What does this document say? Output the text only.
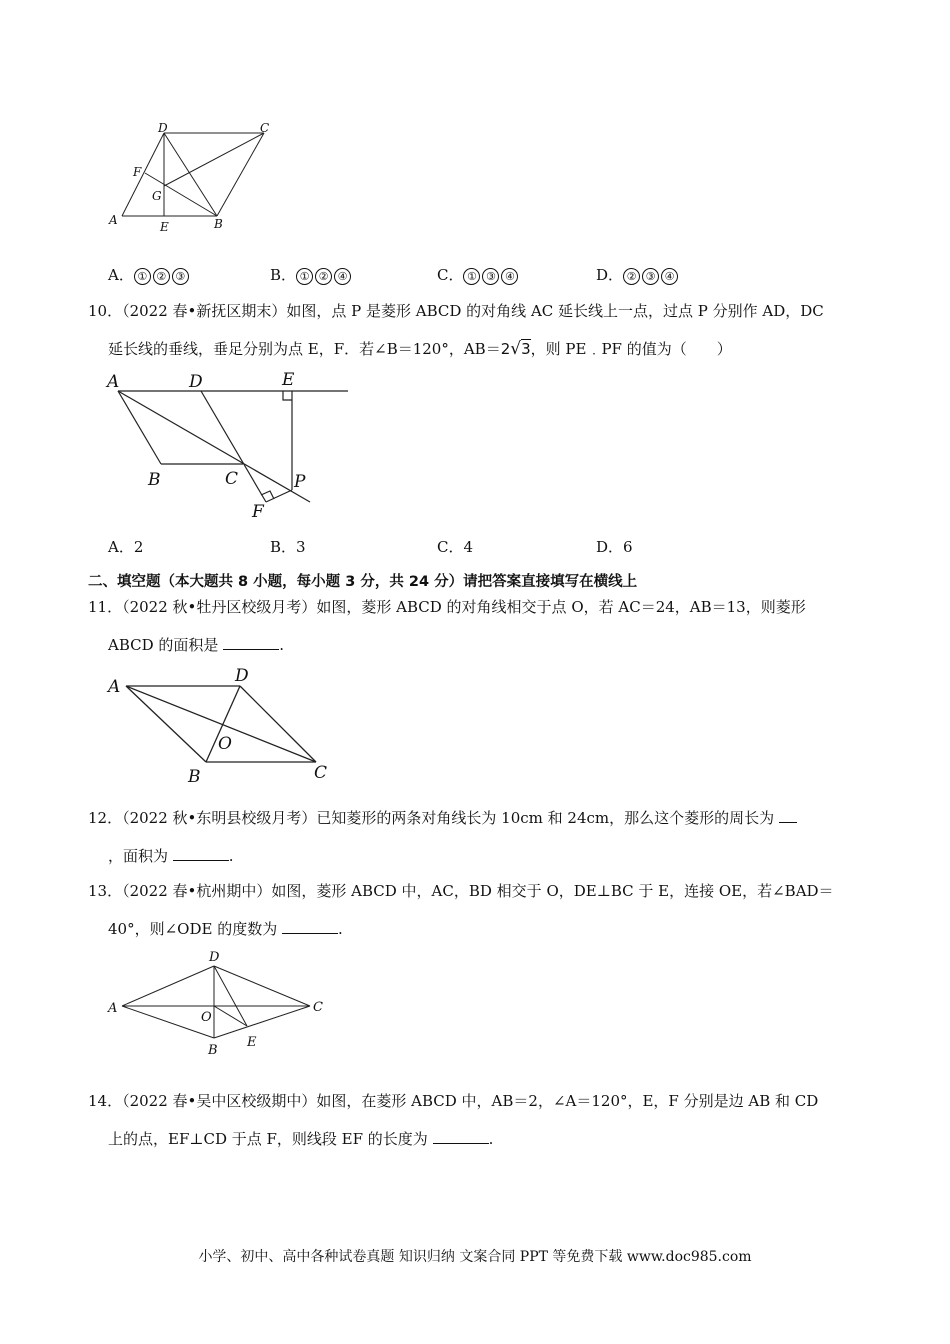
D	C
F
G
A	E	B
A． ① ② ③	B． ① ② ④	C． ① ③ ④	D． ② ③ ④
10．（2022 春•新抚区期末）如图，点 P 是菱形 ABCD 的对角线 AC 延长线上一点，过点 P 分别作 AD，DC
延长线的垂线，垂足分别为点 E，F．若∠B＝120°，AB＝2√3，则 PE﹒PF 的值为（　　）
A	D	E
B	C	P
F
A．2	B．3	C．4	D．6
二、填空题（本大题共 8 小题，每小题 3 分，共 24 分）请把答案直接填写在横线上
11．（2022 秋•牡丹区校级月考）如图，菱形 ABCD 的对角线相交于点 O，若 AC＝24，AB＝13，则菱形
ABCD 的面积是	.
A
D
O
B	C
12．（2022 秋•东明县校级月考）已知菱形的两条对角线长为 10cm 和 24cm，那么这个菱形的周长为
，面积为	.
13．（2022 春•杭州期中）如图，菱形 ABCD 中，AC，BD 相交于 O，DE⊥BC 于 E，连接 OE，若∠BAD＝
40°，则∠ODE 的度数为	.
D
A
O
C
B
E
14．（2022 春•吴中区校级期中）如图，在菱形 ABCD 中，AB＝2，∠A＝120°，E，F 分别是边 AB 和 CD
上的点，EF⊥CD 于点 F，则线段 EF 的长度为	.
小学、初中、高中各种试卷真题 知识归纳 文案合同 PPT 等免费下载 www.doc985.com
